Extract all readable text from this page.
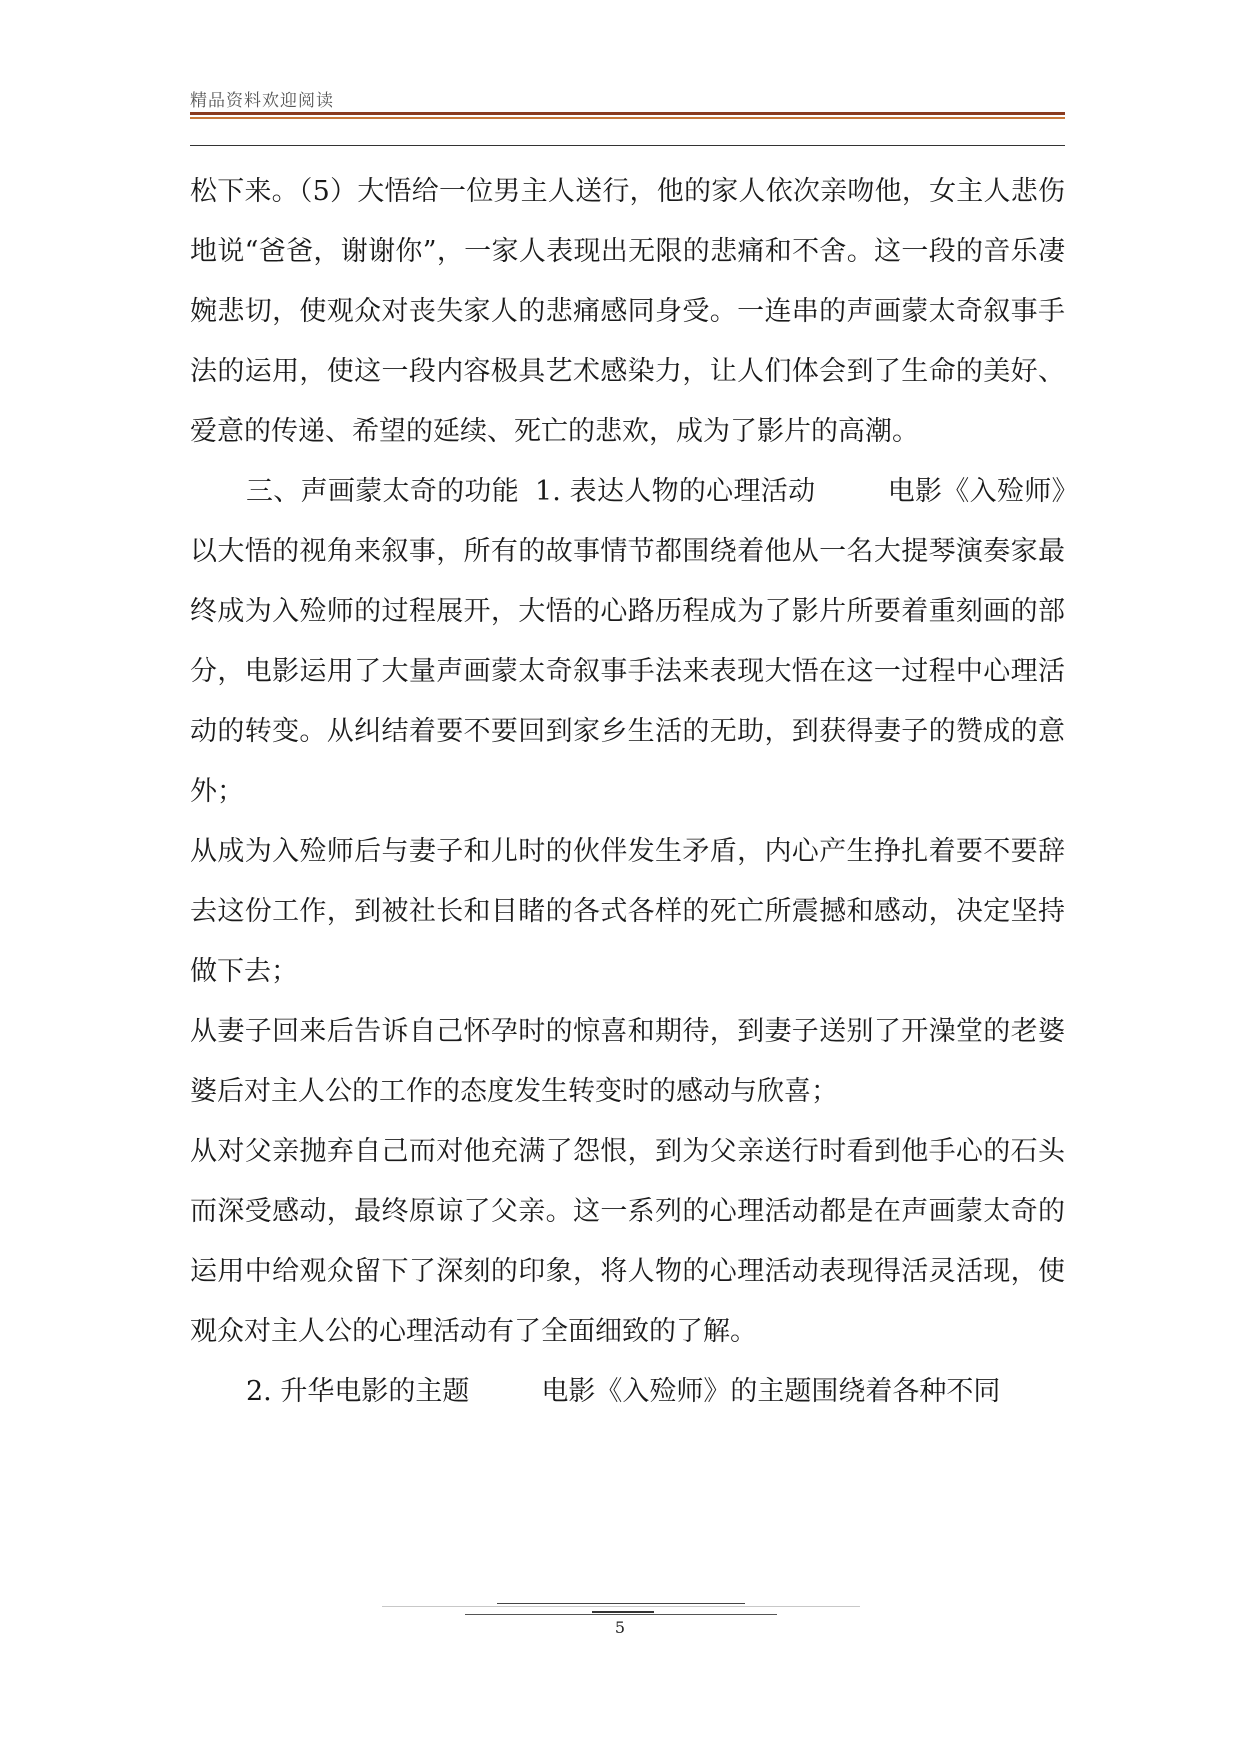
精品资料欢迎阅读

松下来。（5）大悟给一位男主人送行，他的家人依次亲吻他，女主人悲伤地说“爸爸，谢谢你”，一家人表现出无限的悲痛和不舍。这一段的音乐凄婉悲切，使观众对丧失家人的悲痛感同身受。一连串的声画蒙太奇叙事手法的运用，使这一段内容极具艺术感染力，让人们体会到了生命的美好、爱意的传递、希望的延续、死亡的悲欢，成为了影片的高潮。

三、声画蒙太奇的功能 1. 表达人物的心理活动	电影《入殓师》以大悟的视角来叙事，所有的故事情节都围绕着他从一名大提琴演奏家最终成为入殓师的过程展开，大悟的心路历程成为了影片所要着重刻画的部分，电影运用了大量声画蒙太奇叙事手法来表现大悟在这一过程中心理活动的转变。从纠结着要不要回到家乡生活的无助，到获得妻子的赞成的意外；

从成为入殓师后与妻子和儿时的伙伴发生矛盾，内心产生挣扎着要不要辞去这份工作，到被社长和目睹的各式各样的死亡所震撼和感动，决定坚持做下去；

从妻子回来后告诉自己怀孕时的惊喜和期待，到妻子送别了开澡堂的老婆婆后对主人公的工作的态度发生转变时的感动与欣喜；

从对父亲抛弃自己而对他充满了怨恨，到为父亲送行时看到他手心的石头而深受感动，最终原谅了父亲。这一系列的心理活动都是在声画蒙太奇的运用中给观众留下了深刻的印象，将人物的心理活动表现得活灵活现，使观众对主人公的心理活动有了全面细致的了解。

2. 升华电影的主题	电影《入殓师》的主题围绕着各种不同

5
